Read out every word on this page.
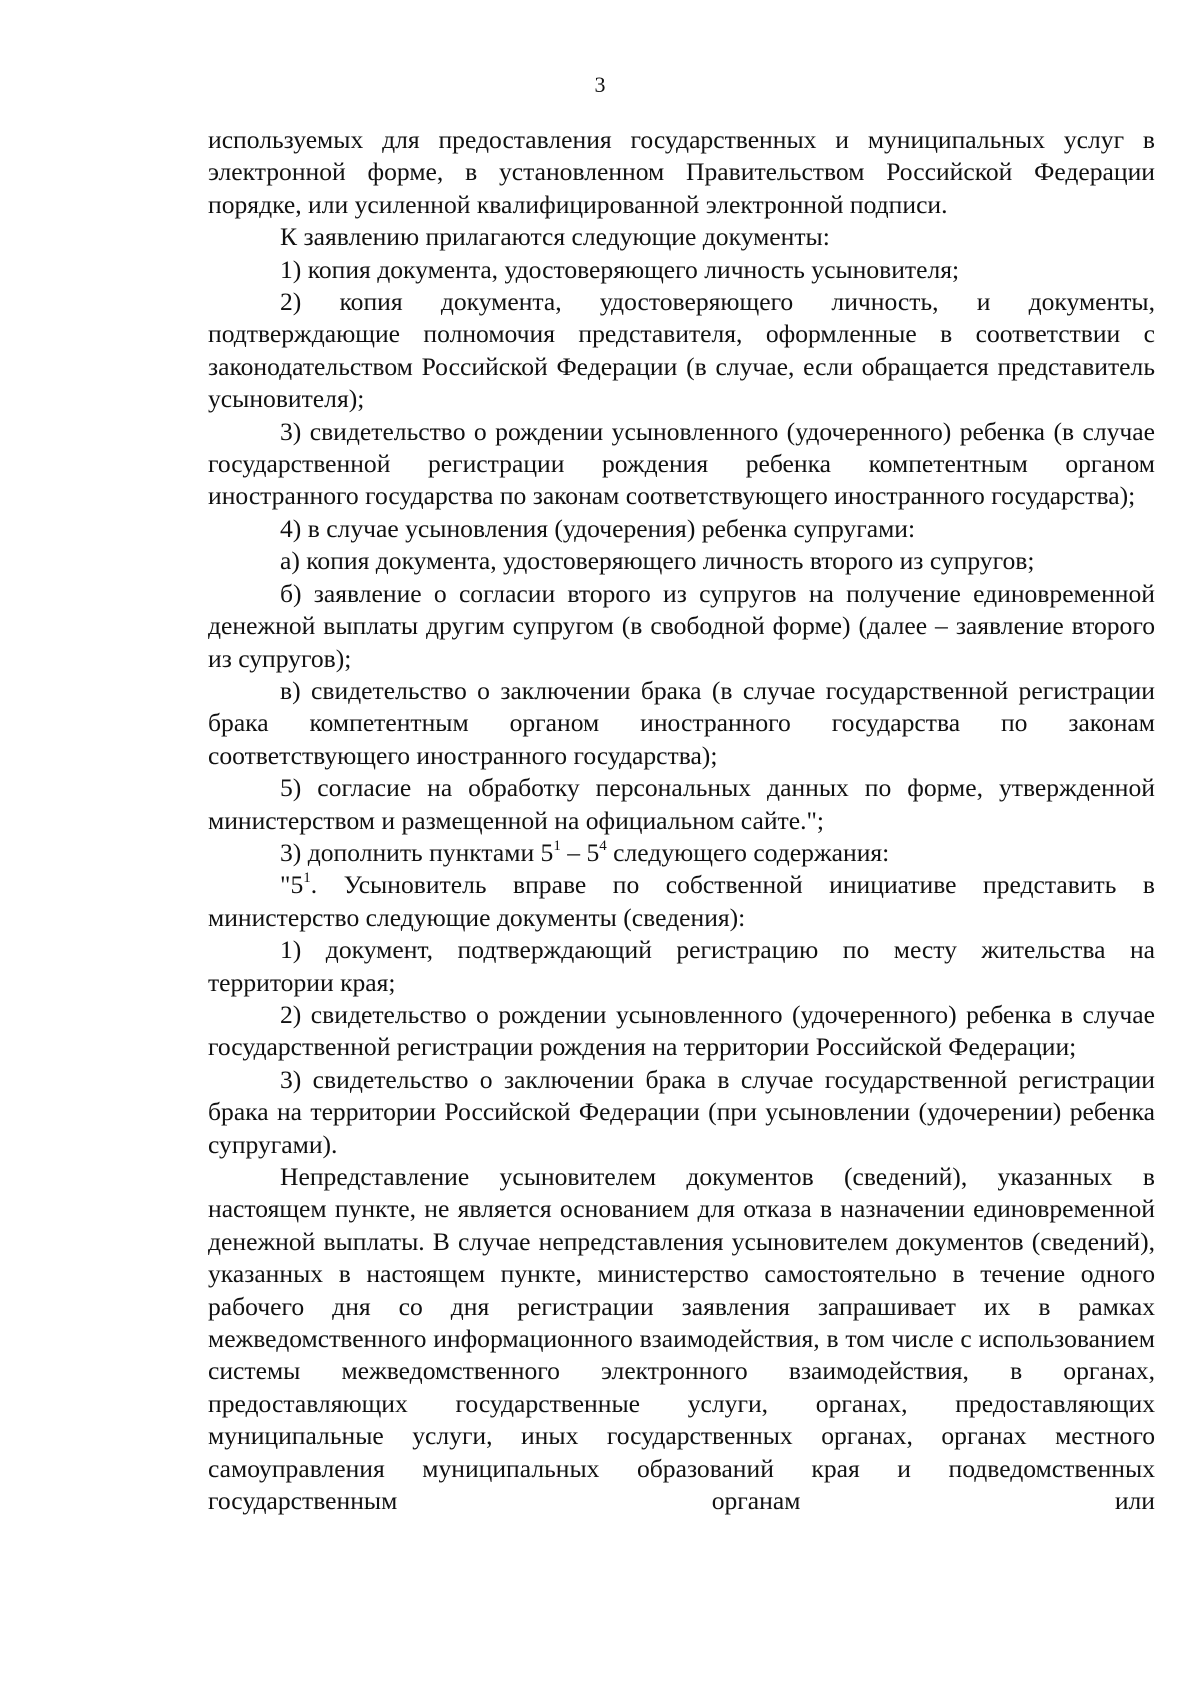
3

используемых для предоставления государственных и муниципальных услуг в электронной форме, в установленном Правительством Российской Федерации порядке, или усиленной квалифицированной электронной подписи.

К заявлению прилагаются следующие документы:

1) копия документа, удостоверяющего личность усыновителя;

2) копия документа, удостоверяющего личность, и документы, подтверждающие полномочия представителя, оформленные в соответствии с законодательством Российской Федерации (в случае, если обращается представитель усыновителя);

3) свидетельство о рождении усыновленного (удочеренного) ребенка (в случае государственной регистрации рождения ребенка компетентным органом иностранного государства по законам соответствующего иностранного государства);

4) в случае усыновления (удочерения) ребенка супругами:

а) копия документа, удостоверяющего личность второго из супругов;

б) заявление о согласии второго из супругов на получение единовременной денежной выплаты другим супругом (в свободной форме) (далее – заявление второго из супругов);

в) свидетельство о заключении брака (в случае государственной регистрации брака компетентным органом иностранного государства по законам соответствующего иностранного государства);

5) согласие на обработку персональных данных по форме, утвержденной министерством и размещенной на официальном сайте.";

3) дополнить пунктами $5^1 - 5^4$ следующего содержания:

"$5^1$. Усыновитель вправе по собственной инициативе представить в министерство следующие документы (сведения):

1) документ, подтверждающий регистрацию по месту жительства на территории края;

2) свидетельство о рождении усыновленного (удочеренного) ребенка в случае государственной регистрации рождения на территории Российской Федерации;

3) свидетельство о заключении брака в случае государственной регистрации брака на территории Российской Федерации (при усыновлении (удочерении) ребенка супругами).

Непредставление усыновителем документов (сведений), указанных в настоящем пункте, не является основанием для отказа в назначении единовременной денежной выплаты. В случае непредставления усыновителем документов (сведений), указанных в настоящем пункте, министерство самостоятельно в течение одного рабочего дня со дня регистрации заявления запрашивает их в рамках межведомственного информационного взаимодействия, в том числе с использованием системы межведомственного электронного взаимодействия, в органах, предоставляющих государственные услуги, органах, предоставляющих муниципальные услуги, иных государственных органах, органах местного самоуправления муниципальных образований края и подведомственных государственным органам или
